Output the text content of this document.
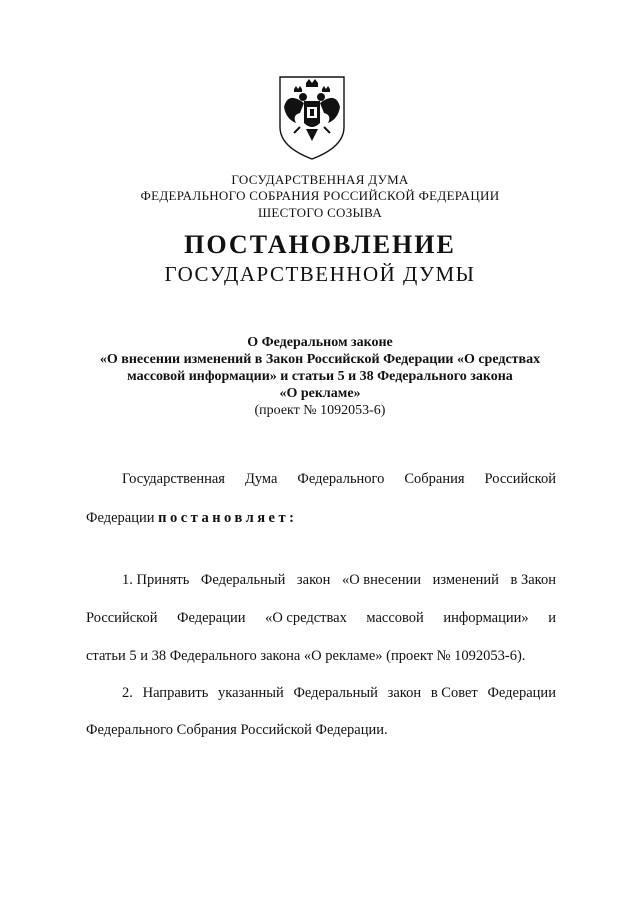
ГОСУДАРСТВЕННАЯ ДУМА
ФЕДЕРАЛЬНОГО СОБРАНИЯ РОССИЙСКОЙ ФЕДЕРАЦИИ
ШЕСТОГО СОЗЫВА
ПОСТАНОВЛЕНИЕ
ГОСУДАРСТВЕННОЙ ДУМЫ
О Федеральном законе
«О внесении изменений в Закон Российской Федерации «О средствах
массовой информации» и статьи 5 и 38 Федерального закона
«О рекламе»
(проект № 1092053-6)
Государственная Дума Федерального Собрания Российской
Федерации постановляет:
1. Принять Федеральный закон «О внесении изменений в Закон
Российской Федерации «О средствах массовой информации» и
статьи 5 и 38 Федерального закона «О рекламе» (проект № 1092053-6).
2. Направить указанный Федеральный закон в Совет Федерации
Федерального Собрания Российской Федерации.
